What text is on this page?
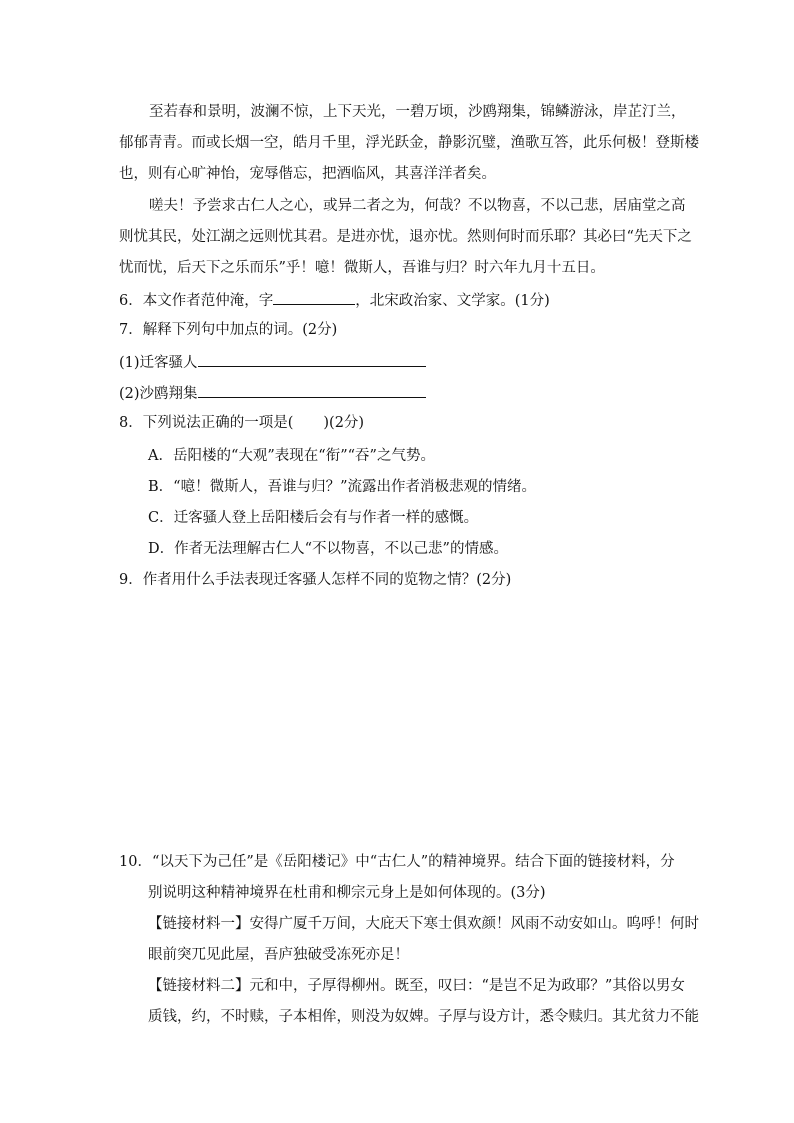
至若春和景明，波澜不惊，上下天光，一碧万顷，沙鸥翔集，锦鳞游泳，岸芷汀兰，
郁郁青青。而或长烟一空，皓月千里，浮光跃金，静影沉璧，渔歌互答，此乐何极！登斯楼
也，则有心旷神怡，宠辱偕忘，把酒临风，其喜洋洋者矣。
嗟夫！予尝求古仁人之心，或异二者之为，何哉？不以物喜，不以己悲，居庙堂之高
则忧其民，处江湖之远则忧其君。是进亦忧，退亦忧。然则何时而乐耶？其必曰“先天下之
忧而忧，后天下之乐而乐”乎！噫！微斯人，吾谁与归？时六年九月十五日。
6．本文作者范仲淹，字	，北宋政治家、文学家。(1分)
7．解释下列句中加点的词。(2分)
(1)迁客骚人
(2)沙鸥翔集
8．下列说法正确的一项是( )(2分)
A．岳阳楼的“大观”表现在“衔”“吞”之气势。
B．“噫！微斯人，吾谁与归？”流露出作者消极悲观的情绪。
C．迁客骚人登上岳阳楼后会有与作者一样的感慨。
D．作者无法理解古仁人“不以物喜，不以己悲”的情感。
9．作者用什么手法表现迁客骚人怎样不同的览物之情？(2分)
10．“以天下为己任”是《岳阳楼记》中“古仁人”的精神境界。结合下面的链接材料，分
别说明这种精神境界在杜甫和柳宗元身上是如何体现的。(3分)
【链接材料一】安得广厦千万间，大庇天下寒士俱欢颜！风雨不动安如山。呜呼！何时
眼前突兀见此屋，吾庐独破受冻死亦足！
【链接材料二】元和中，子厚得柳州。既至，叹曰：“是岂不足为政耶？”其俗以男女
质钱，约，不时赎，子本相侔，则没为奴婢。子厚与设方计，悉令赎归。其尤贫力不能
